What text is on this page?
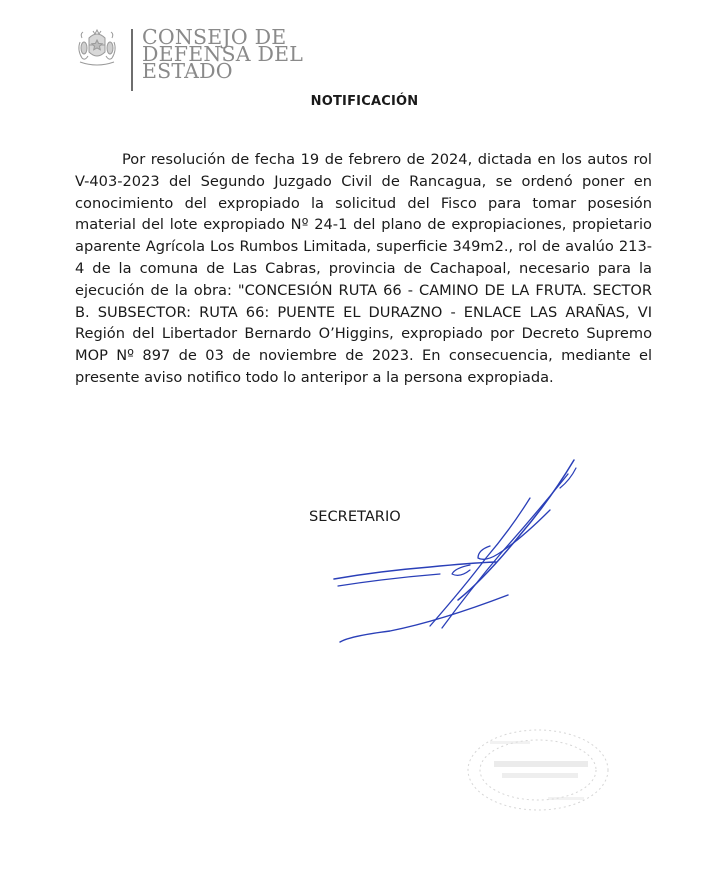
CONSEJO DE
DEFENSA DEL
ESTADO
NOTIFICACIÓN

Por resolución de fecha 19 de febrero de 2024, dictada en los autos rol V-403-2023 del Segundo Juzgado Civil de Rancagua, se ordenó poner en conocimiento del expropiado la solicitud del Fisco para tomar posesión material del lote expropiado Nº 24-1 del plano de expropiaciones, propietario aparente Agrícola Los Rumbos Limitada, superficie 349m2., rol de avalúo 213-4 de la comuna de Las Cabras, provincia de Cachapoal, necesario para la ejecución de la obra: "CONCESIÓN RUTA 66 - CAMINO DE LA FRUTA. SECTOR B. SUBSECTOR: RUTA 66: PUENTE EL DURAZNO - ENLACE LAS ARAÑAS, VI Región del Libertador Bernardo O’Higgins, expropiado por Decreto Supremo MOP Nº 897 de 03 de noviembre de 2023. En consecuencia, mediante el presente aviso notifico todo lo anteripor a la persona expropiada.

SECRETARIO
